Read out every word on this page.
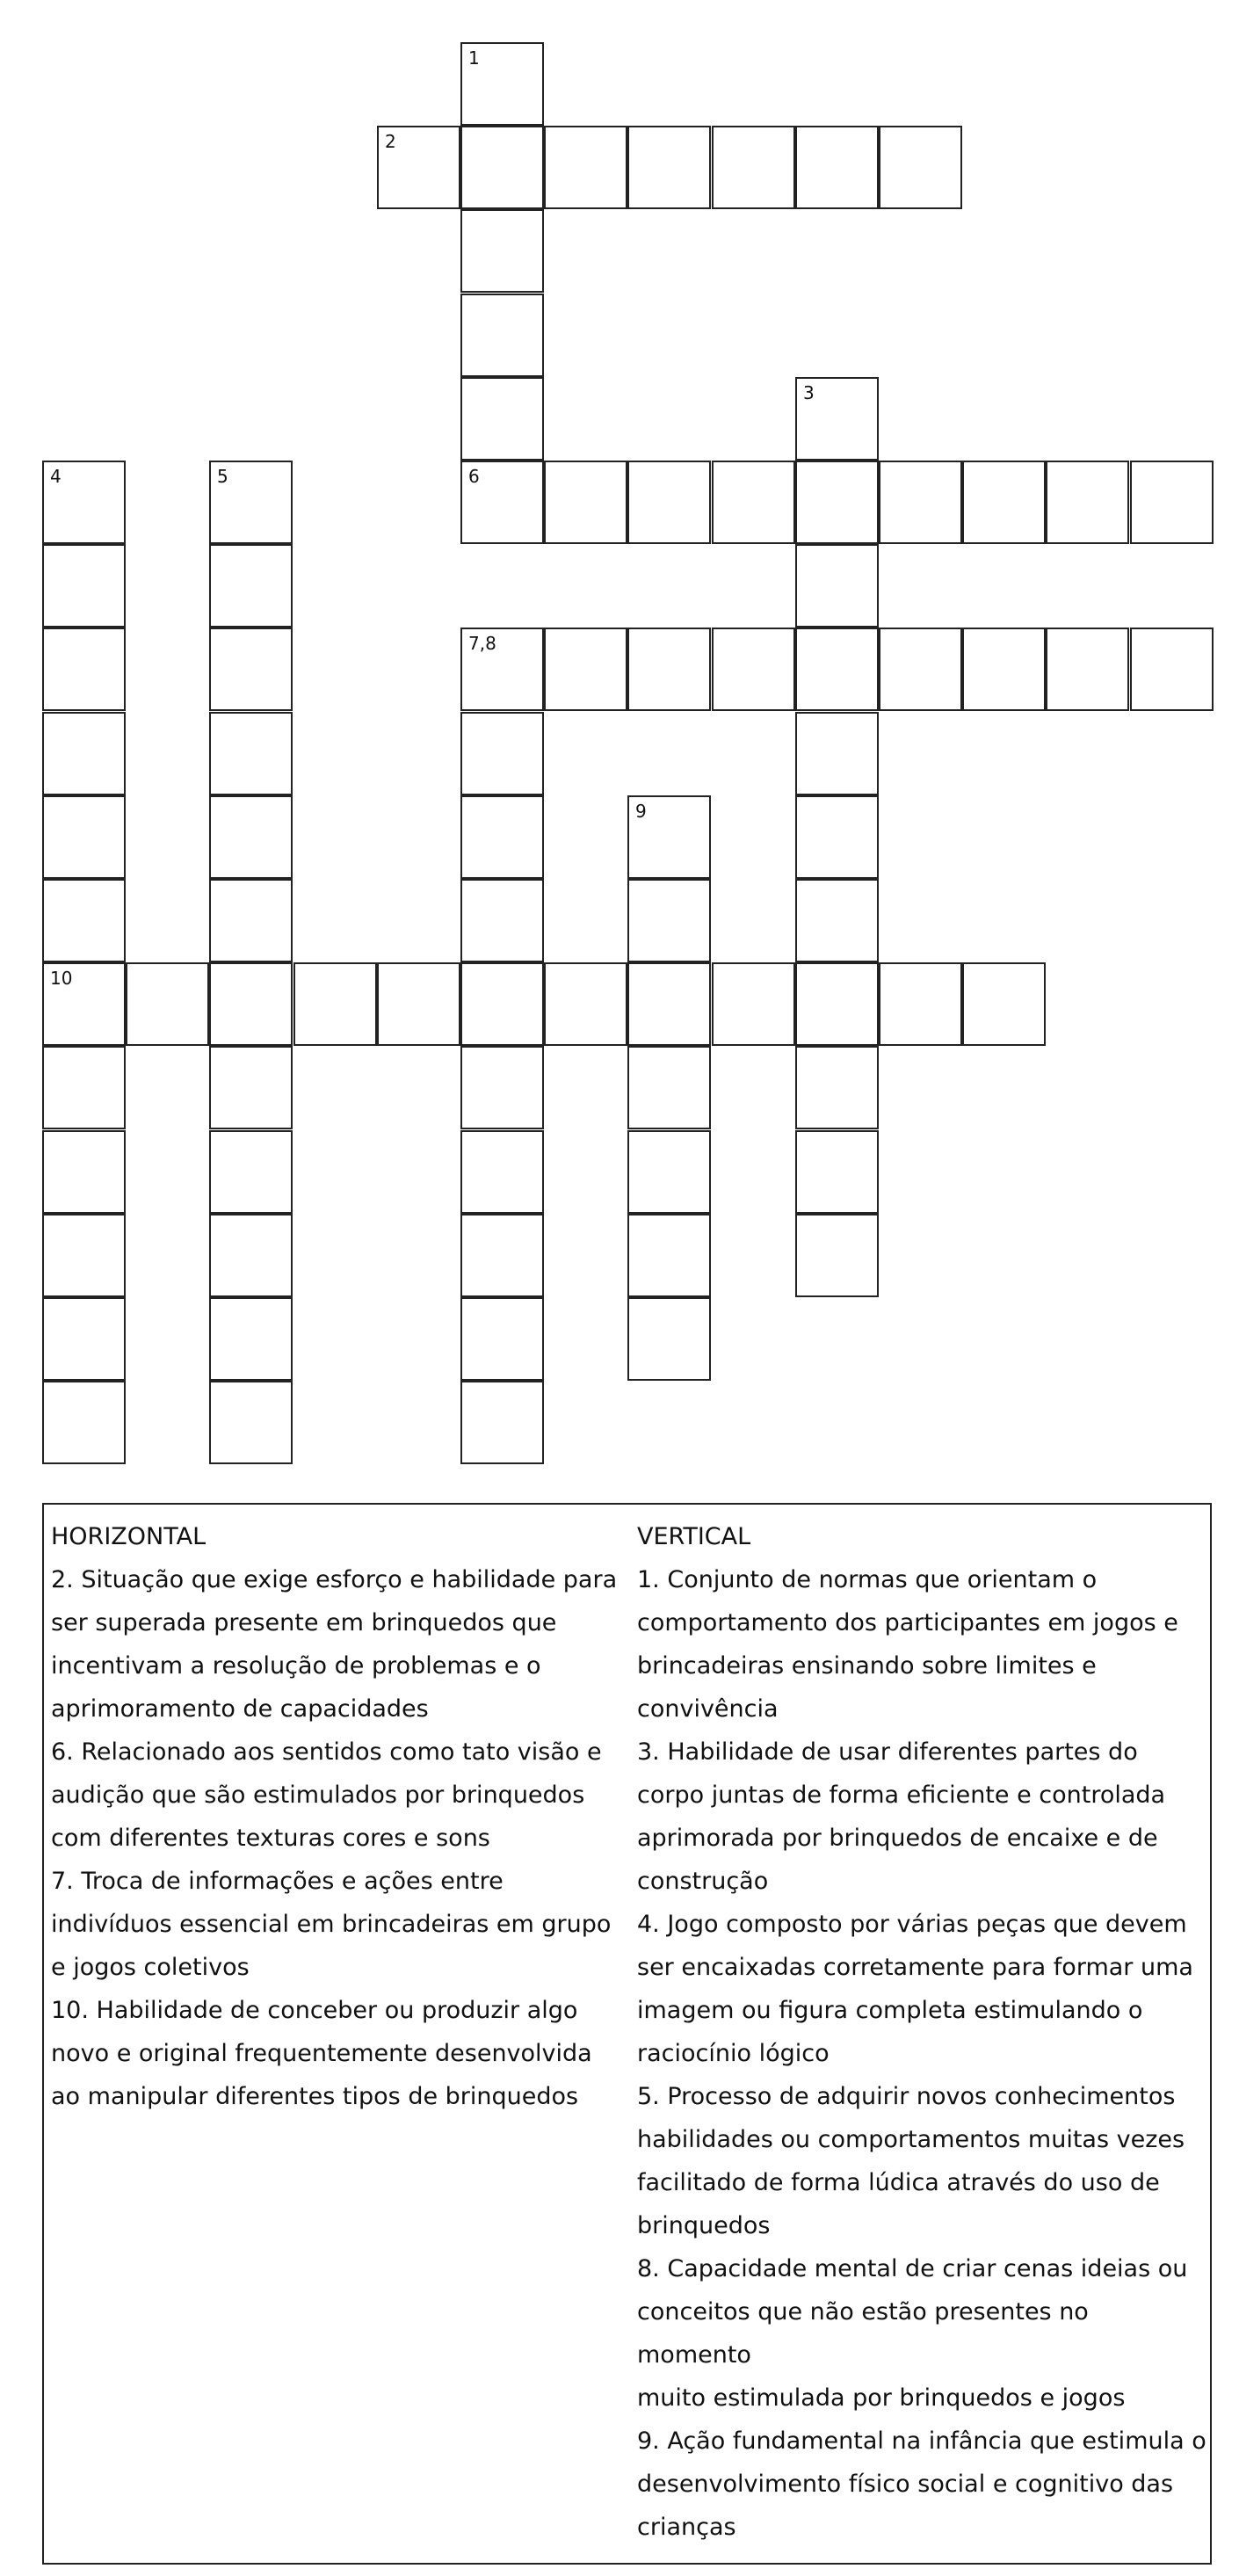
1
2
3
4	5	6
7,8
9
10
HORIZONTAL
2. Situação que exige esforço e habilidade para
ser superada presente em brinquedos que
incentivam a resolução de problemas e o
aprimoramento de capacidades
6. Relacionado aos sentidos como tato visão e
audição que são estimulados por brinquedos
com diferentes texturas cores e sons
7. Troca de informações e ações entre
indivíduos essencial em brincadeiras em grupo
e jogos coletivos
10. Habilidade de conceber ou produzir algo
novo e original frequentemente desenvolvida
ao manipular diferentes tipos de brinquedos
VERTICAL
1. Conjunto de normas que orientam o
comportamento dos participantes em jogos e
brincadeiras ensinando sobre limites e
convivência
3. Habilidade de usar diferentes partes do
corpo juntas de forma eficiente e controlada
aprimorada por brinquedos de encaixe e de
construção
4. Jogo composto por várias peças que devem
ser encaixadas corretamente para formar uma
imagem ou figura completa estimulando o
raciocínio lógico
5. Processo de adquirir novos conhecimentos
habilidades ou comportamentos muitas vezes
facilitado de forma lúdica através do uso de
brinquedos
8. Capacidade mental de criar cenas ideias ou
conceitos que não estão presentes no momento
muito estimulada por brinquedos e jogos
9. Ação fundamental na infância que estimula o
desenvolvimento físico social e cognitivo das
crianças
